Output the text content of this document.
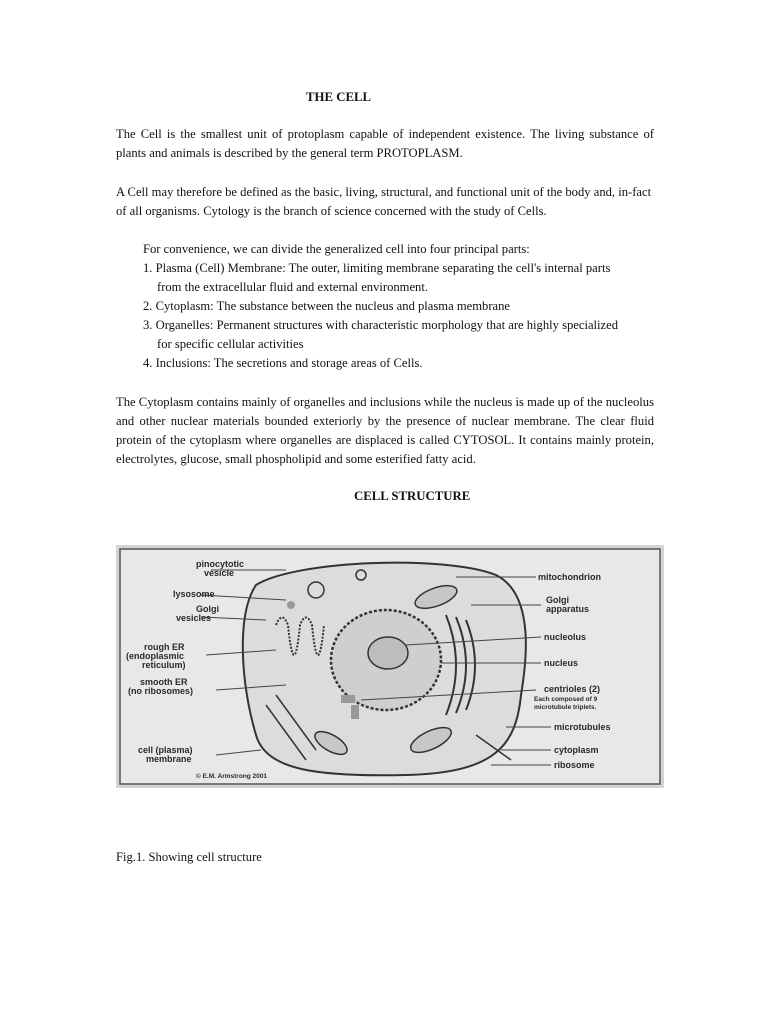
THE CELL

The Cell is the smallest unit of protoplasm capable of independent existence. The living substance of plants and animals is described by the general term PROTOPLASM.

A Cell may therefore be defined as the basic, living, structural, and functional unit of the body and, in-fact of all organisms. Cytology is the branch of science concerned with the study of Cells.

For convenience, we can divide the generalized cell into four principal parts:

1. Plasma (Cell) Membrane: The outer, limiting membrane separating the cell's internal parts

from the extracellular fluid and external environment.

2. Cytoplasm: The substance between the nucleus and plasma membrane

3. Organelles: Permanent structures with characteristic morphology that are highly specialized

for specific cellular activities

4. Inclusions: The secretions and storage areas of Cells.

The Cytoplasm contains mainly of organelles and inclusions while the nucleus is made up of the nucleolus and other nuclear materials bounded exteriorly by the presence of nuclear membrane. The clear fluid protein of the cytoplasm where organelles are displaced is called CYTOSOL. It contains mainly protein, electrolytes, glucose, small phospholipid and some esterified fatty acid.

CELL STRUCTURE
pinocytotic
vesicle
lysosome
Golgi
vesicles
rough ER
(endoplasmic
reticulum)
smooth ER
(no ribosomes)
cell (plasma)
membrane
© E.M. Armstrong 2001
mitochondrion
Golgi
apparatus
nucleolus
nucleus
centrioles (2)
Each composed of 9
microtubule triplets.
microtubules
cytoplasm
ribosome
Fig.1. Showing cell structure
